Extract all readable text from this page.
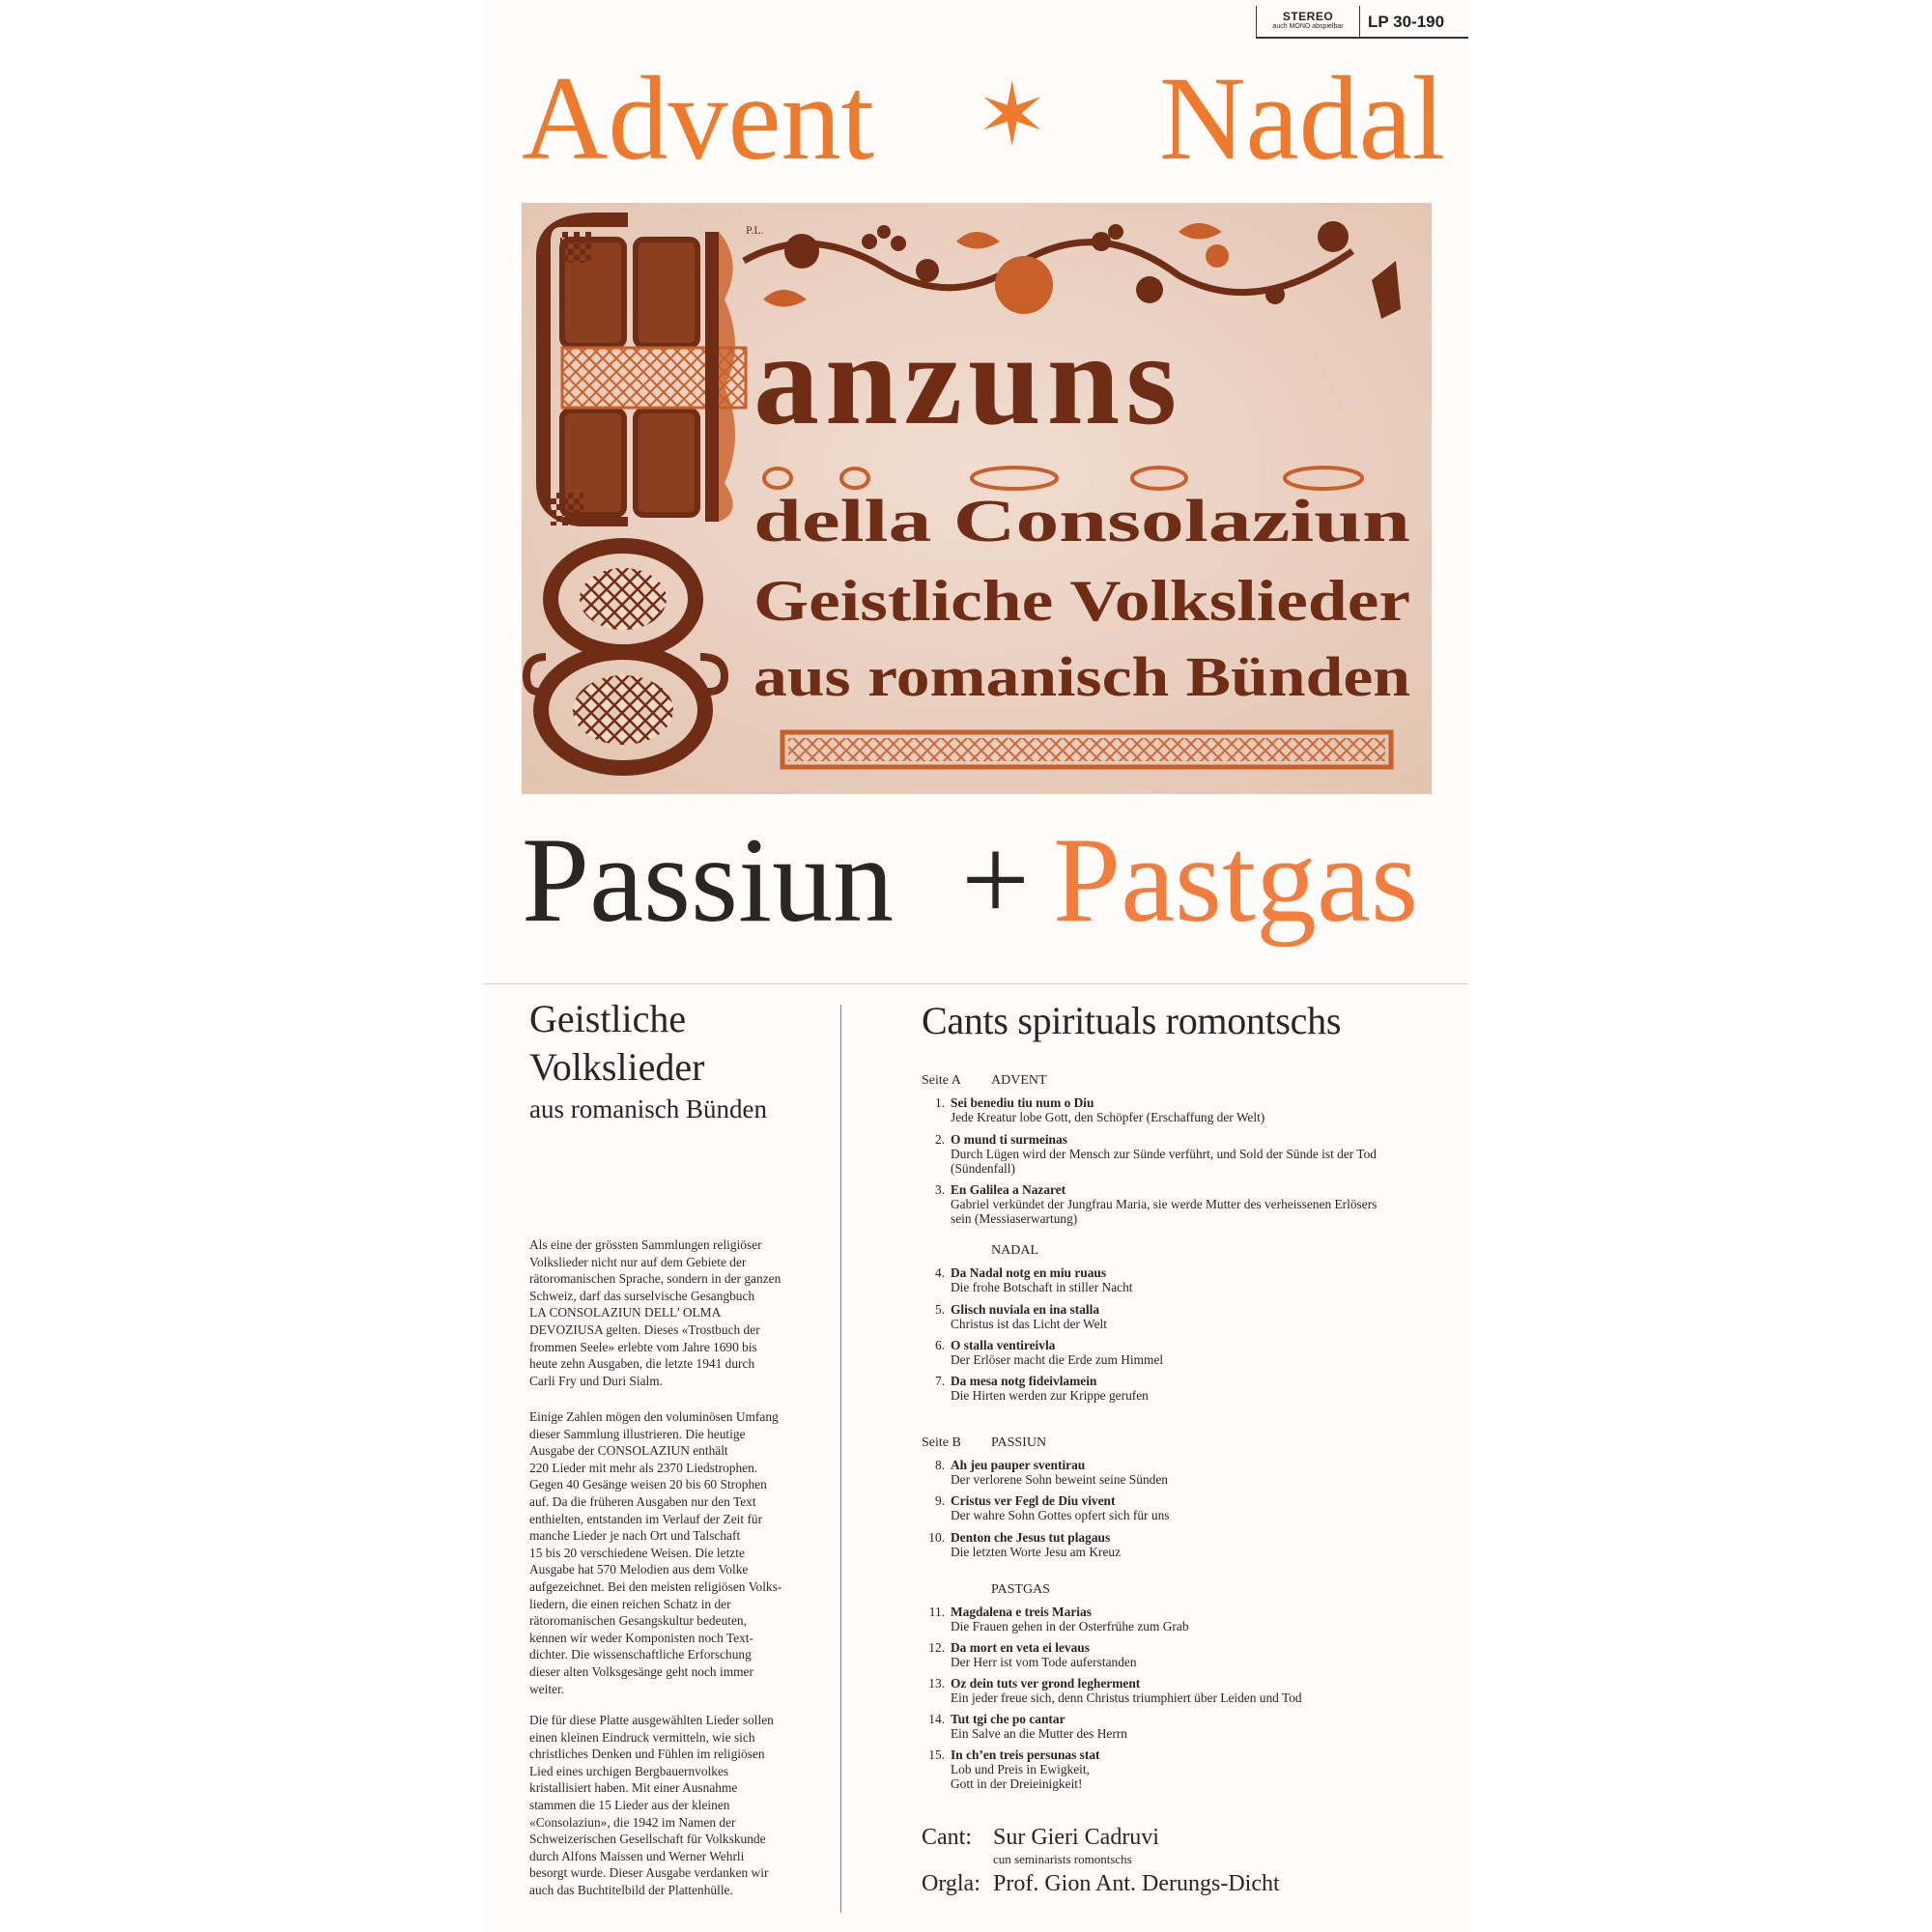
STEREO
auch MONO abspielbar	LP 30-190
Advent ✶ Nadal
P.L.
anzuns
della Consolaziun
Geistliche Volkslieder
aus romanisch Bünden
Passiun + Pastgas
Geistliche
Volkslieder
aus romanisch Bünden
Als eine der grössten Sammlungen religiöser
Volkslieder nicht nur auf dem Gebiete der
rätoromanischen Sprache, sondern in der ganzen
Schweiz, darf das surselvische Gesangbuch
LA CONSOLAZIUN DELL’ OLMA
DEVOZIUSA gelten. Dieses «Trostbuch der
frommen Seele» erlebte vom Jahre 1690 bis
heute zehn Ausgaben, die letzte 1941 durch
Carli Fry und Duri Sialm.
Einige Zahlen mögen den voluminösen Umfang
dieser Sammlung illustrieren. Die heutige
Ausgabe der CONSOLAZIUN enthält
220 Lieder mit mehr als 2370 Liedstrophen.
Gegen 40 Gesänge weisen 20 bis 60 Strophen
auf. Da die früheren Ausgaben nur den Text
enthielten, entstanden im Verlauf der Zeit für
manche Lieder je nach Ort und Talschaft
15 bis 20 verschiedene Weisen. Die letzte
Ausgabe hat 570 Melodien aus dem Volke
aufgezeichnet. Bei den meisten religiösen Volks-
liedern, die einen reichen Schatz in der
rätoromanischen Gesangskultur bedeuten,
kennen wir weder Komponisten noch Text-
dichter. Die wissenschaftliche Erforschung
dieser alten Volksgesänge geht noch immer
weiter.
Die für diese Platte ausgewählten Lieder sollen
einen kleinen Eindruck vermitteln, wie sich
christliches Denken und Fühlen im religiösen
Lied eines urchigen Bergbauernvolkes
kristallisiert haben. Mit einer Ausnahme
stammen die 15 Lieder aus der kleinen
«Consolaziun», die 1942 im Namen der
Schweizerischen Gesellschaft für Volkskunde
durch Alfons Maissen und Werner Wehrli
besorgt wurde. Dieser Ausgabe verdanken wir
auch das Buchtitelbild der Plattenhülle.
Cants spirituals romontschs
Seite A ADVENT
1. Sei benediu tiu num o Diu
Jede Kreatur lobe Gott, den Schöpfer (Erschaffung der Welt)
2. O mund ti surmeinas
Durch Lügen wird der Mensch zur Sünde verführt, und Sold der Sünde ist der Tod
(Sündenfall)
3. En Galilea a Nazaret
Gabriel verkündet der Jungfrau Maria, sie werde Mutter des verheissenen Erlösers
sein (Messiaserwartung)
NADAL
4. Da Nadal notg en miu ruaus
Die frohe Botschaft in stiller Nacht
5. Glisch nuviala en ina stalla
Christus ist das Licht der Welt
6. O stalla ventireivla
Der Erlöser macht die Erde zum Himmel
7. Da mesa notg fideivlamein
Die Hirten werden zur Krippe gerufen
Seite B PASSIUN
8. Ah jeu pauper sventirau
Der verlorene Sohn beweint seine Sünden
9. Cristus ver Fegl de Diu vivent
Der wahre Sohn Gottes opfert sich für uns
10. Denton che Jesus tut plagaus
Die letzten Worte Jesu am Kreuz
PASTGAS
11. Magdalena e treis Marias
Die Frauen gehen in der Osterfrühe zum Grab
12. Da mort en veta ei levaus
Der Herr ist vom Tode auferstanden
13. Oz dein tuts ver grond legherment
Ein jeder freue sich, denn Christus triumphiert über Leiden und Tod
14. Tut tgi che po cantar
Ein Salve an die Mutter des Herrn
15. In ch’en treis persunas stat
Lob und Preis in Ewigkeit,
Gott in der Dreieinigkeit!
Cant: Sur Gieri Cadruvi
cun seminarists romontschs
Orgla: Prof. Gion Ant. Derungs-Dicht
